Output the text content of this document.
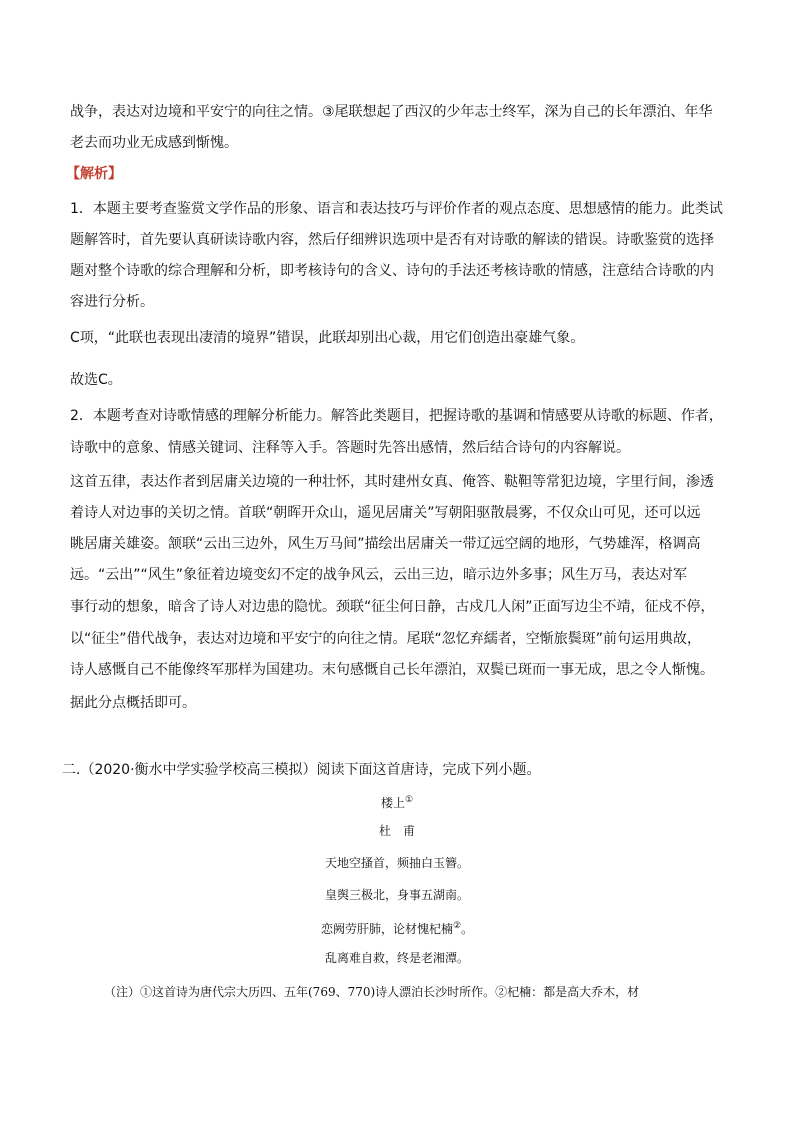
战争，表达对边境和平安宁的向往之情。③尾联想起了西汉的少年志士终军，深为自己的长年漂泊、年华
老去而功业无成感到惭愧。
【解析】
1．本题主要考查鉴赏文学作品的形象、语言和表达技巧与评价作者的观点态度、思想感情的能力。此类试
题解答时，首先要认真研读诗歌内容，然后仔细辨识选项中是否有对诗歌的解读的错误。诗歌鉴赏的选择
题对整个诗歌的综合理解和分析，即考核诗句的含义、诗句的手法还考核诗歌的情感，注意结合诗歌的内
容进行分析。
C项，“此联也表现出凄清的境界”错误，此联却别出心裁，用它们创造出豪雄气象。
故选C。
2．本题考查对诗歌情感的理解分析能力。解答此类题目，把握诗歌的基调和情感要从诗歌的标题、作者，
诗歌中的意象、情感关键词、注释等入手。答题时先答出感情，然后结合诗句的内容解说。
这首五律，表达作者到居庸关边境的一种壮怀，其时建州女真、俺答、鞑靼等常犯边境，字里行间，渗透
着诗人对边事的关切之情。首联“朝晖开众山，遥见居庸关”写朝阳驱散晨雾，不仅众山可见，还可以远
眺居庸关雄姿。颔联“云出三边外，风生万马间”描绘出居庸关一带辽远空阔的地形，气势雄浑，格调高
远。“云出”“风生”象征着边境变幻不定的战争风云，云出三边，暗示边外多事；风生万马，表达对军
事行动的想象，暗含了诗人对边患的隐忧。颈联“征尘何日静，古戍几人闲”正面写边尘不靖，征戍不停，
以“征尘”借代战争，表达对边境和平安宁的向往之情。尾联“忽忆弃繻者，空惭旅鬓斑”前句运用典故，
诗人感慨自己不能像终军那样为国建功。末句感慨自己长年漂泊，双鬓已斑而一事无成，思之令人惭愧。
据此分点概括即可。
二.（2020·衡水中学实验学校高三模拟）阅读下面这首唐诗，完成下列小题。
楼上①
杜　甫
天地空搔首，频抽白玉簪。
皇舆三极北，身事五湖南。
恋阙劳肝肺，论材愧杞楠②。
乱离难自救，终是老湘潭。
（注）①这首诗为唐代宗大历四、五年(769、770)诗人漂泊长沙时所作。②杞楠：都是高大乔木，材
